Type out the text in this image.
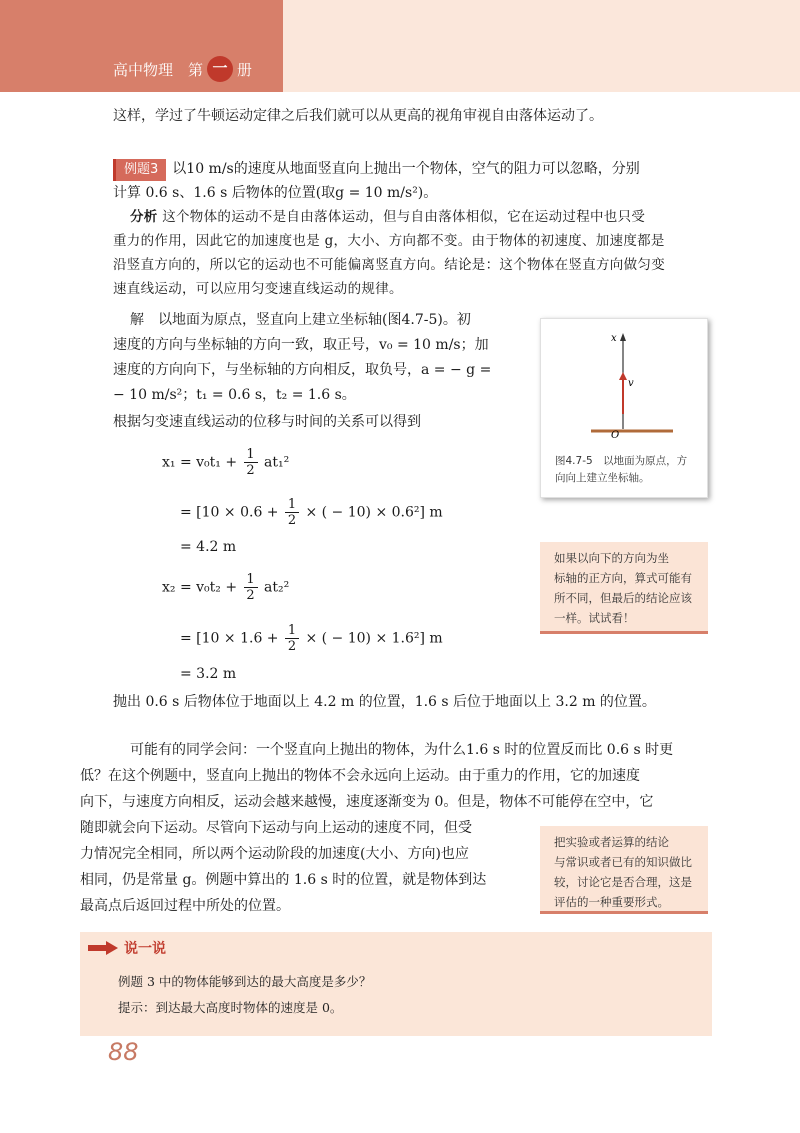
高中物理　第 一 册

这样，学过了牛顿运动定律之后我们就可以从更高的视角审视自由落体运动了。

例题3 以10 m/s的速度从地面竖直向上抛出一个物体，空气的阻力可以忽略，分别

计算 0.6 s、1.6 s 后物体的位置(取g = 10 m/s²)。

分析 这个物体的运动不是自由落体运动，但与自由落体相似，它在运动过程中也只受

重力的作用，因此它的加速度也是 g，大小、方向都不变。由于物体的初速度、加速度都是

沿竖直方向的，所以它的运动也不可能偏离竖直方向。结论是：这个物体在竖直方向做匀变

速直线运动，可以应用匀变速直线运动的规律。

解　 以地面为原点，竖直向上建立坐标轴(图4.7-5)。初

速度的方向与坐标轴的方向一致，取正号，v₀ = 10 m/s；加

速度的方向向下，与坐标轴的方向相反，取负号，a = − g =

− 10 m/s²；t₁ = 0.6 s，t₂ = 1.6 s。

根据匀变速直线运动的位移与时间的关系可以得到

$x_1 = v_0t_1 + \frac{1}{2} at_1^2$
= [$10 \times 0.6 + \frac{1}{2}$ × ( − 10) × 0.6²] m
= 4.2 m
$x_2 = v_0t_2 + \frac{1}{2} at_2^2$
= [$10 \times 1.6 + \frac{1}{2}$ × ( − 10) × 1.6²] m
= 3.2 m
x
v
O
图4.7-5　以地面为原点，方
向向上建立坐标轴。
如果以向下的方向为坐
标轴的正方向，算式可能有
所不同，但最后的结论应该
一样。试试看！

抛出 0.6 s 后物体位于地面以上 4.2 m 的位置，1.6 s 后位于地面以上 3.2 m 的位置。

可能有的同学会问：一个竖直向上抛出的物体，为什么1.6 s 时的位置反而比 0.6 s 时更

低？在这个例题中，竖直向上抛出的物体不会永远向上运动。由于重力的作用，它的加速度

向下，与速度方向相反，运动会越来越慢，速度逐渐变为 0。但是，物体不可能停在空中，它

随即就会向下运动。尽管向下运动与向上运动的速度不同，但受

力情况完全相同，所以两个运动阶段的加速度(大小、方向)也应

相同，仍是常量 g。例题中算出的 1.6 s 时的位置，就是物体到达

最高点后返回过程中所处的位置。

把实验或者运算的结论
与常识或者已有的知识做比
较，讨论它是否合理，这是
评估的一种重要形式。
说一说
例题 3 中的物体能够到达的最大高度是多少？
提示：到达最大高度时物体的速度是 0。
88
